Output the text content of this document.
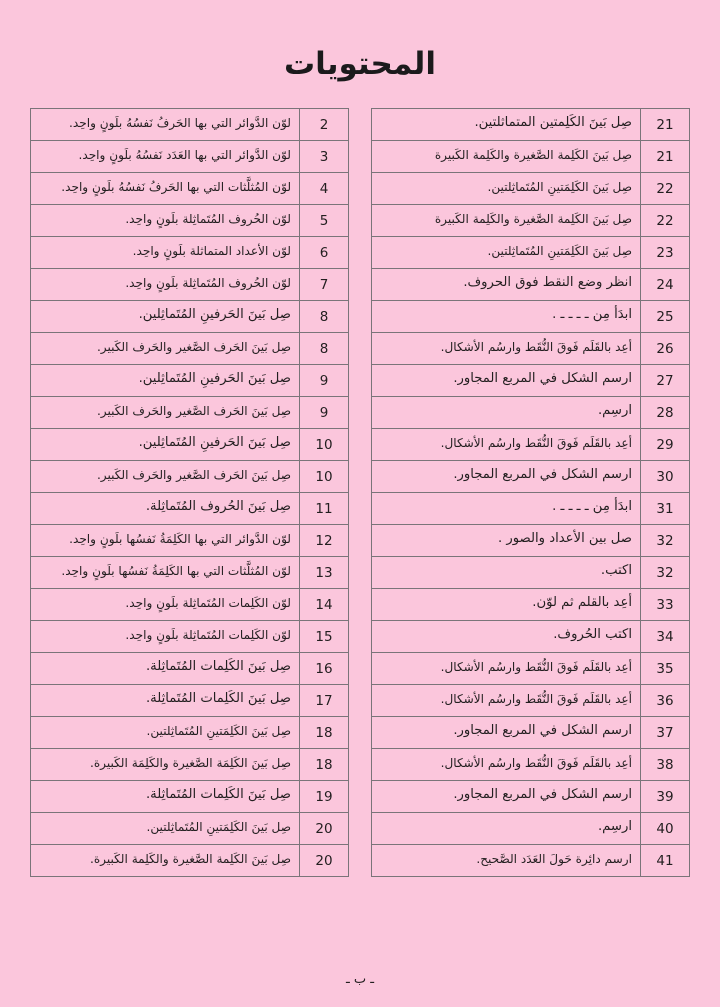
المحتويات
2
لوّن الدَّوائر التي بها الحَرفُ نَفسُهُ بلَونٍ واحِد.
3
لوّن الدَّوائر التي بها العَدَد نَفسُهُ بلَونٍ واحِد.
4
لوّن المُثلَّثات التي بها الحَرفُ نَفسُهُ بلَونٍ واحِد.
5
لوّن الحُروف المُتَماثِلة بلَونٍ واحِد.
6
لوّن الأعداد المتماثلة بلَونٍ واحِد.
7
لوّن الحُروف المُتَماثِلة بلَونٍ واحِد.
8
صِل بَينَ الحَرفينِ المُتَماثِلين.
8
صِل بَينَ الحَرف الصَّغير والحَرف الكَبير.
9
صِل بَينَ الحَرفينِ المُتَماثِلين.
9
صِل بَينَ الحَرف الصَّغير والحَرف الكَبير.
10
صِل بَينَ الحَرفينِ المُتَماثِلين.
10
صِل بَينَ الحَرف الصَّغير والحَرف الكَبير.
11
صِل بَينَ الحُروف المُتَماثِلة.
12
لوّن الدَّوائر التي بها الكَلِمَةُ نَفسُها بلَونٍ واحِد.
13
لوّن المُثلَّثات التي بها الكَلِمَةُ نَفسُها بلَونٍ واحِد.
14
لوّن الكَلِمات المُتَماثِلة بلَونٍ واحِد.
15
لوّن الكَلِمات المُتَماثِلة بلَونٍ واحِد.
16
صِل بَينَ الكَلِمات المُتَماثِلة.
17
صِل بَينَ الكَلِمات المُتَماثِلة.
18
صِل بَينَ الكَلِمَتينِ المُتَماثِلتين.
18
صِل بَينَ الكَلِمَة الصَّغيرة والكَلِمَة الكَبيرة.
19
صِل بَينَ الكَلِمات المُتَماثِلة.
20
صِل بَينَ الكَلِمَتينِ المُتَماثِلتين.
20
صِل بَينَ الكَلِمة الصَّغيرة والكَلِمة الكَبيرة.
21
صِل بَينَ الكَلِمتين المتماثلتين.
21
صِل بَينَ الكَلِمة الصَّغيرة والكَلِمة الكَبيرة
22
صِل بَينَ الكَلِمَتينِ المُتَماثِلتين.
22
صِل بَينَ الكَلِمة الصَّغيرة والكَلِمة الكَبيرة
23
صِل بَينَ الكَلِمَتينِ المُتَماثِلتين.
24
انظر وضع النقط فوق الحروف.
25
ابدَأ مِن ـ ـ ـ ـ .
26
أعِد بالقَلَم فَوقَ النُّقَط وارسُم الأشكال.
27
ارسم الشكل في المربع المجاور.
28
ارسِم.
29
أعِد بالقَلَم فَوقَ النُّقَط وارسُم الأشكال.
30
ارسم الشكل في المربع المجاور.
31
ابدَأ مِن ـ ـ ـ ـ .
32
صل بين الأعداد والصور .
32
اكتب.
33
أعِد بالقلم ثم لوّن.
34
اكتب الحُروف.
35
أعِد بالقَلَم فَوقَ النُّقَط وارسُم الأشكال.
36
أعِد بالقَلَم فَوقَ النُّقَط وارسُم الأشكال.
37
ارسم الشكل في المربع المجاور.
38
أعِد بالقَلَم فَوقَ النُّقَط وارسُم الأشكال.
39
ارسم الشكل في المربع المجاور.
40
ارسِم.
41
ارسم دائِرة حَولَ العَدَد الصَّحيح.
ـ ب ـ
